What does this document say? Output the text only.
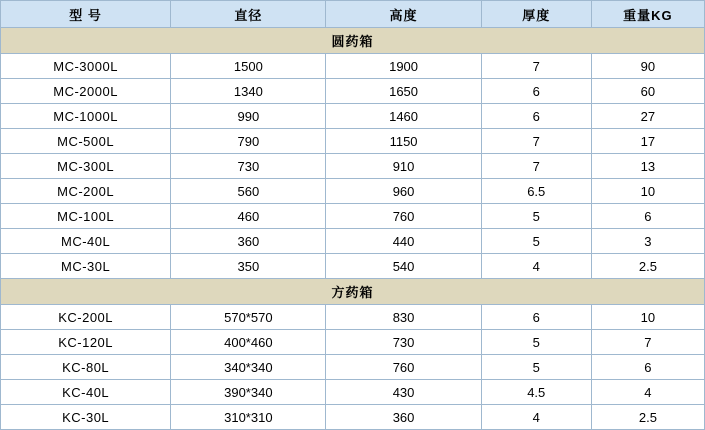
型 号	直径	高度	厚度	重量KG
圆药箱				
MC-3000L	1500	1900	7	90
MC-2000L	1340	1650	6	60
MC-1000L	990	1460	6	27
MC-500L	790	1150	7	17
MC-300L	730	910	7	13
MC-200L	560	960	6.5	10
MC-100L	460	760	5	6
MC-40L	360	440	5	3
MC-30L	350	540	4	2.5
方药箱				
KC-200L	570*570	830	6	10
KC-120L	400*460	730	5	7
KC-80L	340*340	760	5	6
KC-40L	390*340	430	4.5	4
KC-30L	310*310	360	4	2.5
